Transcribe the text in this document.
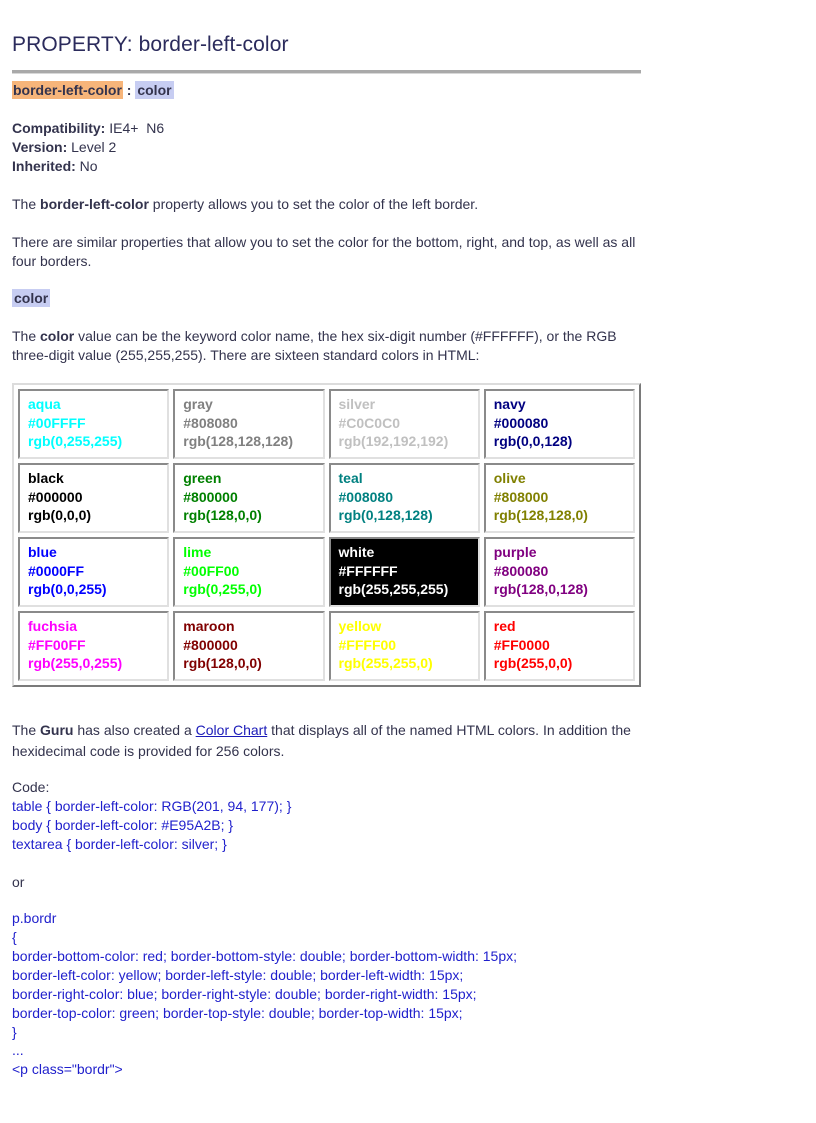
PROPERTY: border-left-color
border-left-color : color
Compatibility: IE4+  N6
Version: Level 2
Inherited: No

The border-left-color property allows you to set the color of the left border.

There are similar properties that allow you to set the color for the bottom, right, and top, as well as all four borders.

color

The color value can be the keyword color name, the hex six-digit number (#FFFFFF), or the RGB three-digit value (255,255,255). There are sixteen standard colors in HTML:

aqua
#00FFFF
rgb(0,255,255)	gray
#808080
rgb(128,128,128)	silver
#C0C0C0
rgb(192,192,192)	navy
#000080
rgb(0,0,128)

black
#000000
rgb(0,0,0)	green
#800000
rgb(128,0,0)	teal
#008080
rgb(0,128,128)	olive
#808000
rgb(128,128,0)

blue
#0000FF
rgb(0,0,255)	lime
#00FF00
rgb(0,255,0)	white
#FFFFFF
rgb(255,255,255)	purple
#800080
rgb(128,0,128)

fuchsia
#FF00FF
rgb(255,0,255)	maroon
#800000
rgb(128,0,0)	yellow
#FFFF00
rgb(255,255,0)	red
#FF0000
rgb(255,0,0)

The Guru has also created a Color Chart that displays all of the named HTML colors. In addition the hexidecimal code is provided for 256 colors.

Code:
table { border-left-color: RGB(201, 94, 177); }
body { border-left-color: #E95A2B; }
textarea { border-left-color: silver; }
or
p.bordr
{
border-bottom-color: red; border-bottom-style: double; border-bottom-width: 15px;
border-left-color: yellow; border-left-style: double; border-left-width: 15px;
border-right-color: blue; border-right-style: double; border-right-width: 15px;
border-top-color: green; border-top-style: double; border-top-width: 15px;
}
...
<p class="bordr">
